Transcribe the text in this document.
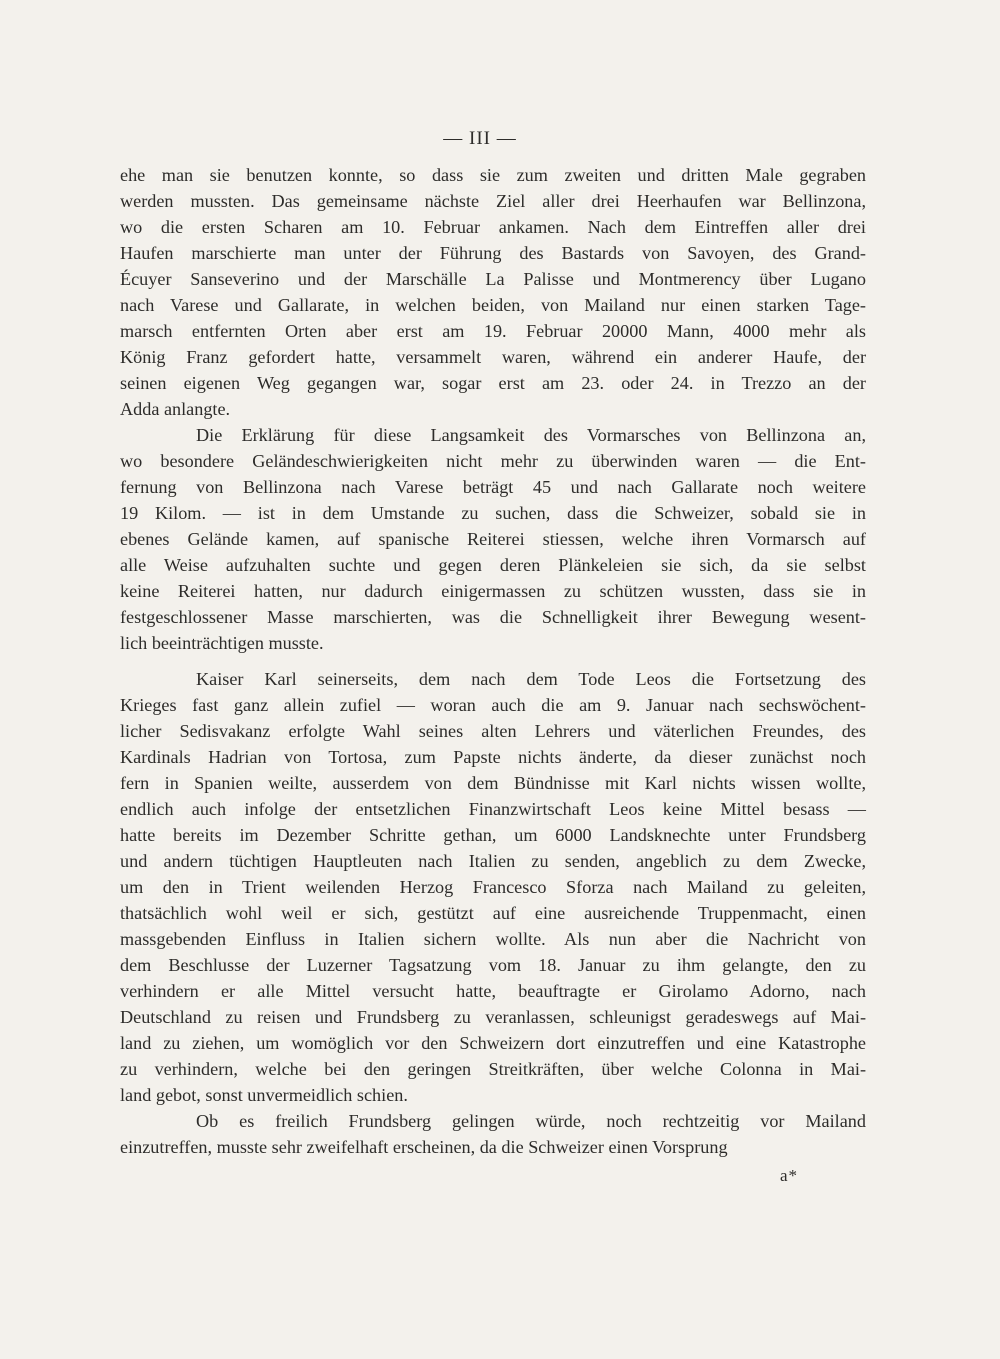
— III —
ehe man sie benutzen konnte, so dass sie zum zweiten und dritten Male gegraben
werden mussten. Das gemeinsame nächste Ziel aller drei Heerhaufen war Bellinzona,
wo die ersten Scharen am 10. Februar ankamen. Nach dem Eintreffen aller drei
Haufen marschierte man unter der Führung des Bastards von Savoyen, des Grand-
Écuyer Sanseverino und der Marschälle La Palisse und Montmerency über Lugano
nach Varese und Gallarate, in welchen beiden, von Mailand nur einen starken Tage-
marsch entfernten Orten aber erst am 19. Februar 20000 Mann, 4000 mehr als
König Franz gefordert hatte, versammelt waren, während ein anderer Haufe, der
seinen eigenen Weg gegangen war, sogar erst am 23. oder 24. in Trezzo an der
Adda anlangte.
Die Erklärung für diese Langsamkeit des Vormarsches von Bellinzona an,
wo besondere Geländeschwierigkeiten nicht mehr zu überwinden waren — die Ent-
fernung von Bellinzona nach Varese beträgt 45 und nach Gallarate noch weitere
19 Kilom. — ist in dem Umstande zu suchen, dass die Schweizer, sobald sie in
ebenes Gelände kamen, auf spanische Reiterei stiessen, welche ihren Vormarsch auf
alle Weise aufzuhalten suchte und gegen deren Plänkeleien sie sich, da sie selbst
keine Reiterei hatten, nur dadurch einigermassen zu schützen wussten, dass sie in
festgeschlossener Masse marschierten, was die Schnelligkeit ihrer Bewegung wesent-
lich beeinträchtigen musste.
Kaiser Karl seinerseits, dem nach dem Tode Leos die Fortsetzung des
Krieges fast ganz allein zufiel — woran auch die am 9. Januar nach sechswöchent-
licher Sedisvakanz erfolgte Wahl seines alten Lehrers und väterlichen Freundes, des
Kardinals Hadrian von Tortosa, zum Papste nichts änderte, da dieser zunächst noch
fern in Spanien weilte, ausserdem von dem Bündnisse mit Karl nichts wissen wollte,
endlich auch infolge der entsetzlichen Finanzwirtschaft Leos keine Mittel besass —
hatte bereits im Dezember Schritte gethan, um 6000 Landsknechte unter Frundsberg
und andern tüchtigen Hauptleuten nach Italien zu senden, angeblich zu dem Zwecke,
um den in Trient weilenden Herzog Francesco Sforza nach Mailand zu geleiten,
thatsächlich wohl weil er sich, gestützt auf eine ausreichende Truppenmacht, einen
massgebenden Einfluss in Italien sichern wollte. Als nun aber die Nachricht von
dem Beschlusse der Luzerner Tagsatzung vom 18. Januar zu ihm gelangte, den zu
verhindern er alle Mittel versucht hatte, beauftragte er Girolamo Adorno, nach
Deutschland zu reisen und Frundsberg zu veranlassen, schleunigst geradeswegs auf Mai-
land zu ziehen, um womöglich vor den Schweizern dort einzutreffen und eine Katastrophe
zu verhindern, welche bei den geringen Streitkräften, über welche Colonna in Mai-
land gebot, sonst unvermeidlich schien.
Ob es freilich Frundsberg gelingen würde, noch rechtzeitig vor Mailand
einzutreffen, musste sehr zweifelhaft erscheinen, da die Schweizer einen Vorsprung
a*
